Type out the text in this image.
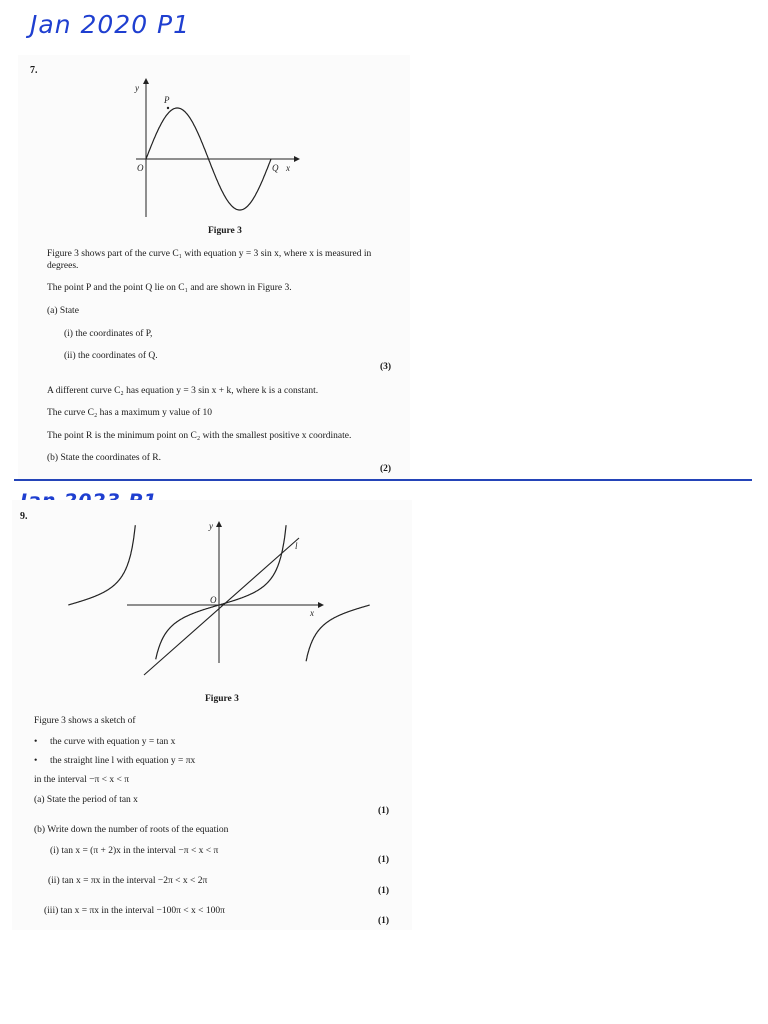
Jan 2020 P1
7.
y
P
O	Q x
Figure 3
Figure 3 shows part of the curve C₁ with equation y = 3 sin x, where x is measured in degrees.
The point P and the point Q lie on C₁ and are shown in Figure 3.
(a) State
(i) the coordinates of P,
(ii) the coordinates of Q.
(3)
A different curve C₂ has equation y = 3 sin x + k, where k is a constant.
The curve C₂ has a maximum y value of 10
The point R is the minimum point on C₂ with the smallest positive x coordinate.
(b) State the coordinates of R.
(2)
9.
y
O
l
x
Figure 3
Figure 3 shows a sketch of
• the curve with equation y = tan x
• the straight line l with equation y = πx
in the interval −π < x < π
(a) State the period of tan x
(1)
(b) Write down the number of roots of the equation
(i) tan x = (π + 2)x in the interval −π < x < π
(1)
(ii) tan x = πx in the interval −2π < x < 2π
(1)
(iii) tan x = πx in the interval −100π < x < 100π
(1)
